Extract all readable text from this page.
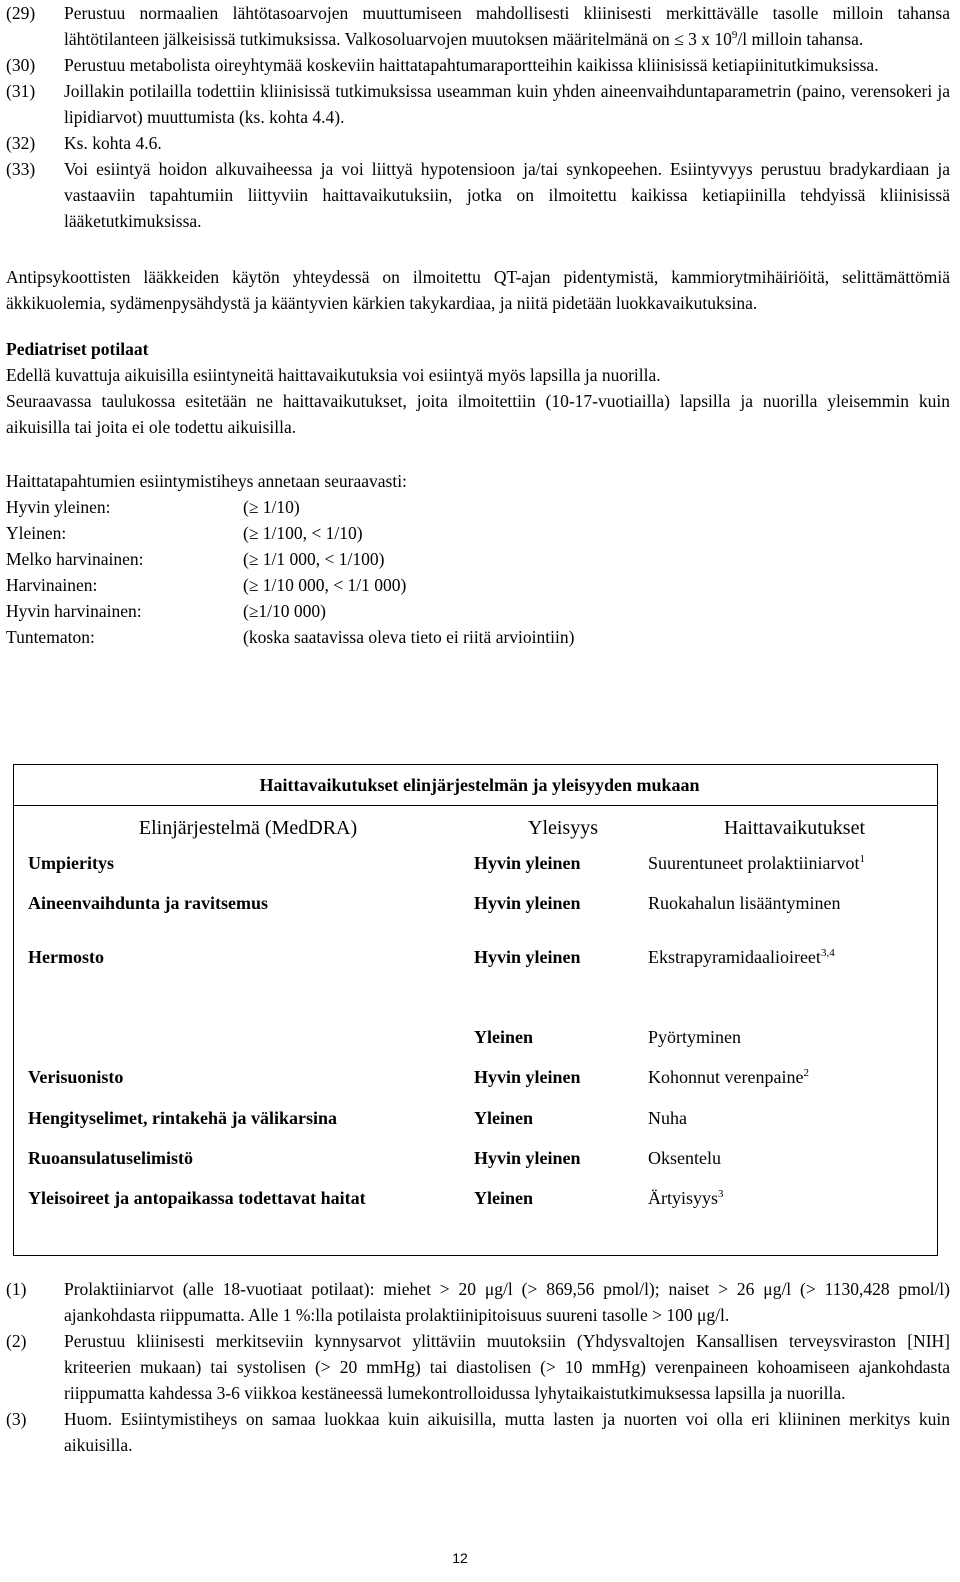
(29)	Perustuu normaalien lähtötasoarvojen muuttumiseen mahdollisesti kliinisesti merkittävälle tasolle milloin tahansa lähtötilanteen jälkeisissä tutkimuksissa. Valkosoluarvojen muutoksen määritelmänä on ≤ 3 x $10^9/l$ milloin tahansa.
(30)	Perustuu metabolista oireyhtymää koskeviin haittatapahtumaraportteihin kaikissa kliinisissä ketiapiinitutkimuksissa.
(31)	Joillakin potilailla todettiin kliinisissä tutkimuksissa useamman kuin yhden aineenvaihduntaparametrin (paino, verensokeri ja lipidiarvot) muuttumista (ks. kohta 4.4).
(32)	Ks. kohta 4.6.
(33)	Voi esiintyä hoidon alkuvaiheessa ja voi liittyä hypotensioon ja/tai synkopeehen. Esiintyvyys perustuu bradykardiaan ja vastaaviin tapahtumiin liittyviin haittavaikutuksiin, jotka on ilmoitettu kaikissa ketiapiinilla tehdyissä kliinisissä lääketutkimuksissa.
Antipsykoottisten lääkkeiden käytön yhteydessä on ilmoitettu QT-ajan pidentymistä, kammiorytmihäiriöitä, selittämättömiä äkkikuolemia, sydämenpysähdystä ja kääntyvien kärkien takykardiaa, ja niitä pidetään luokkavaikutuksina.
Pediatriset potilaat
Edellä kuvattuja aikuisilla esiintyneitä haittavaikutuksia voi esiintyä myös lapsilla ja nuorilla.
Seuraavassa taulukossa esitetään ne haittavaikutukset, joita ilmoitettiin (10-17-vuotiailla) lapsilla ja nuorilla yleisemmin kuin aikuisilla tai joita ei ole todettu aikuisilla.
Haittatapahtumien esiintymistiheys annetaan seuraavasti:
Hyvin yleinen:	(≥ 1/10)
Yleinen:	(≥ 1/100, < 1/10)
Melko harvinainen:	(≥ 1/1 000, < 1/100)
Harvinainen:	(≥ 1/10 000, < 1/1 000)
Hyvin harvinainen:	(≥1/10 000)
Tuntematon:	(koska saatavissa oleva tieto ei riitä arviointiin)
Haittavaikutukset elinjärjestelmän ja yleisyyden mukaan		
Elinjärjestelmä (MedDRA)	Yleisyys	Haittavaikutukset
Umpieritys	Hyvin yleinen	Suurentuneet prolaktiiniarvot$^1$
Aineenvaihdunta ja ravitsemus	Hyvin yleinen	Ruokahalun lisääntyminen
Hermosto	Hyvin yleinen	Ekstrapyramidaalioireet$^{3,4}$
	Yleinen	Pyörtyminen
Verisuonisto	Hyvin yleinen	Kohonnut verenpaine$^2$
Hengityselimet, rintakehä ja välikarsina	Yleinen	Nuha
Ruoansulatuselimistö	Hyvin yleinen	Oksentelu
Yleisoireet ja antopaikassa todettavat haitat	Yleinen	Ärtyisyys$^3$
(1)	Prolaktiiniarvot (alle 18-vuotiaat potilaat): miehet > 20 μg/l (> 869,56 pmol/l); naiset > 26 μg/l (> 1130,428 pmol/l) ajankohdasta riippumatta. Alle 1 %:lla potilaista prolaktiinipitoisuus suureni tasolle > 100 μg/l.
(2)	Perustuu kliinisesti merkitseviin kynnysarvot ylittäviin muutoksiin (Yhdysvaltojen Kansallisen terveysviraston [NIH] kriteerien mukaan) tai systolisen (> 20 mmHg) tai diastolisen (> 10 mmHg) verenpaineen kohoamiseen ajankohdasta riippumatta kahdessa 3-6 viikkoa kestäneessä lumekontrolloidussa lyhytaikaistutkimuksessa lapsilla ja nuorilla.
(3)	Huom. Esiintymistiheys on samaa luokkaa kuin aikuisilla, mutta lasten ja nuorten voi olla eri kliininen merkitys kuin aikuisilla.
12
